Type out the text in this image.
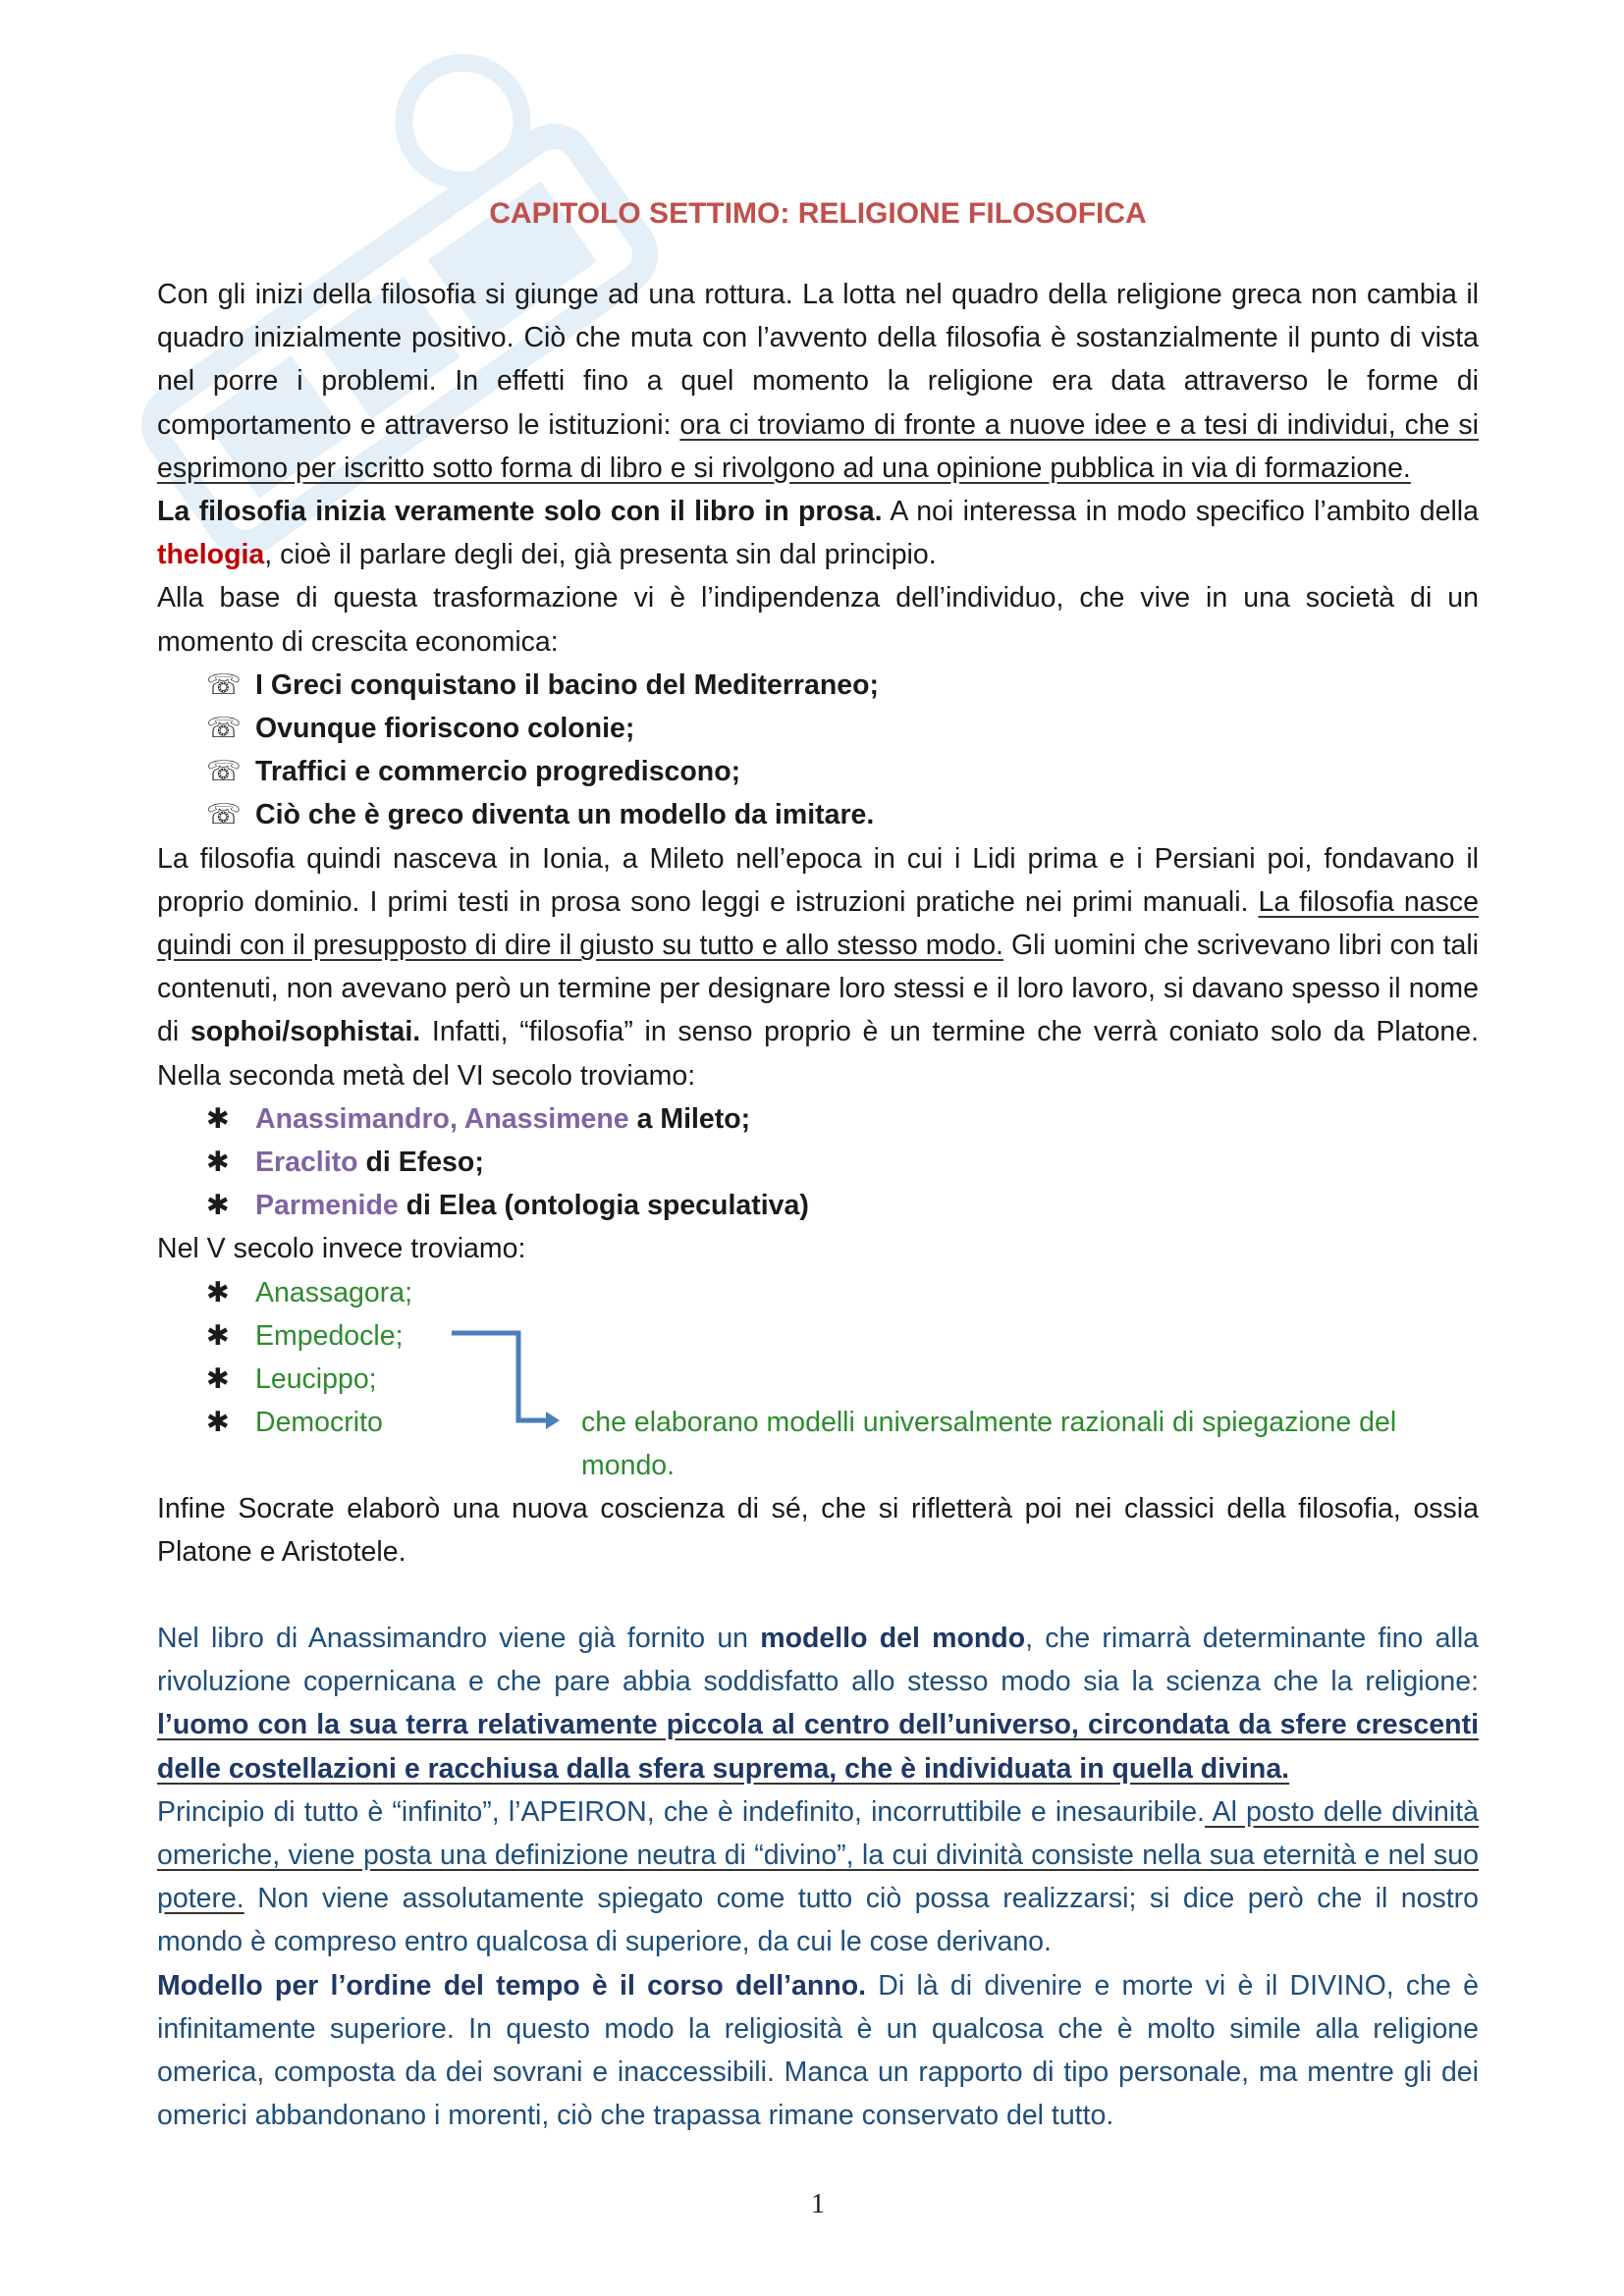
CAPITOLO SETTIMO: RELIGIONE FILOSOFICA

Con gli inizi della filosofia si giunge ad una rottura. La lotta nel quadro della religione greca non cambia il quadro inizialmente positivo. Ciò che muta con l’avvento della filosofia è sostanzialmente il punto di vista nel porre i problemi. In effetti fino a quel momento la religione era data attraverso le forme di comportamento e attraverso le istituzioni: ora ci troviamo di fronte a nuove idee e a tesi di individui, che si esprimono per iscritto sotto forma di libro e si rivolgono ad una opinione pubblica in via di formazione.

La filosofia inizia veramente solo con il libro in prosa. A noi interessa in modo specifico l’ambito della thelogia, cioè il parlare degli dei, già presenta sin dal principio.

Alla base di questa trasformazione vi è l’indipendenza dell’individuo, che vive in una società di un momento di crescita economica:

☏ I Greci conquistano il bacino del Mediterraneo;
☏ Ovunque fioriscono colonie;
☏ Traffici e commercio progrediscono;
☏ Ciò che è greco diventa un modello da imitare.

La filosofia quindi nasceva in Ionia, a Mileto nell’epoca in cui i Lidi prima e i Persiani poi, fondavano il proprio dominio. I primi testi in prosa sono leggi e istruzioni pratiche nei primi manuali. La filosofia nasce quindi con il presupposto di dire il giusto su tutto e allo stesso modo. Gli uomini che scrivevano libri con tali contenuti, non avevano però un termine per designare loro stessi e il loro lavoro, si davano spesso il nome di sophoi/sophistai. Infatti, “filosofia” in senso proprio è un termine che verrà coniato solo da Platone. Nella seconda metà del VI secolo troviamo:

✱ Anassimandro, Anassimene a Mileto;
✱ Eraclito di Efeso;
✱ Parmenide di Elea (ontologia speculativa)

Nel V secolo invece troviamo:

✱ Anassagora;
✱ Empedocle;
✱ Leucippo;
✱ Democrito	che elaborano modelli universalmente razionali di spiegazione del mondo.

Infine Socrate elaborò una nuova coscienza di sé, che si rifletterà poi nei classici della filosofia, ossia Platone e Aristotele.

Nel libro di Anassimandro viene già fornito un modello del mondo, che rimarrà determinante fino alla rivoluzione copernicana e che pare abbia soddisfatto allo stesso modo sia la scienza che la religione: l’uomo con la sua terra relativamente piccola al centro dell’universo, circondata da sfere crescenti delle costellazioni e racchiusa dalla sfera suprema, che è individuata in quella divina.

Principio di tutto è “infinito”, l’APEIRON, che è indefinito, incorruttibile e inesauribile. Al posto delle divinità omeriche, viene posta una definizione neutra di “divino”, la cui divinità consiste nella sua eternità e nel suo potere. Non viene assolutamente spiegato come tutto ciò possa realizzarsi; si dice però che il nostro mondo è compreso entro qualcosa di superiore, da cui le cose derivano.

Modello per l’ordine del tempo è il corso dell’anno. Di là di divenire e morte vi è il DIVINO, che è infinitamente superiore. In questo modo la religiosità è un qualcosa che è molto simile alla religione omerica, composta da dei sovrani e inaccessibili. Manca un rapporto di tipo personale, ma mentre gli dei omerici abbandonano i morenti, ciò che trapassa rimane conservato del tutto.

1
